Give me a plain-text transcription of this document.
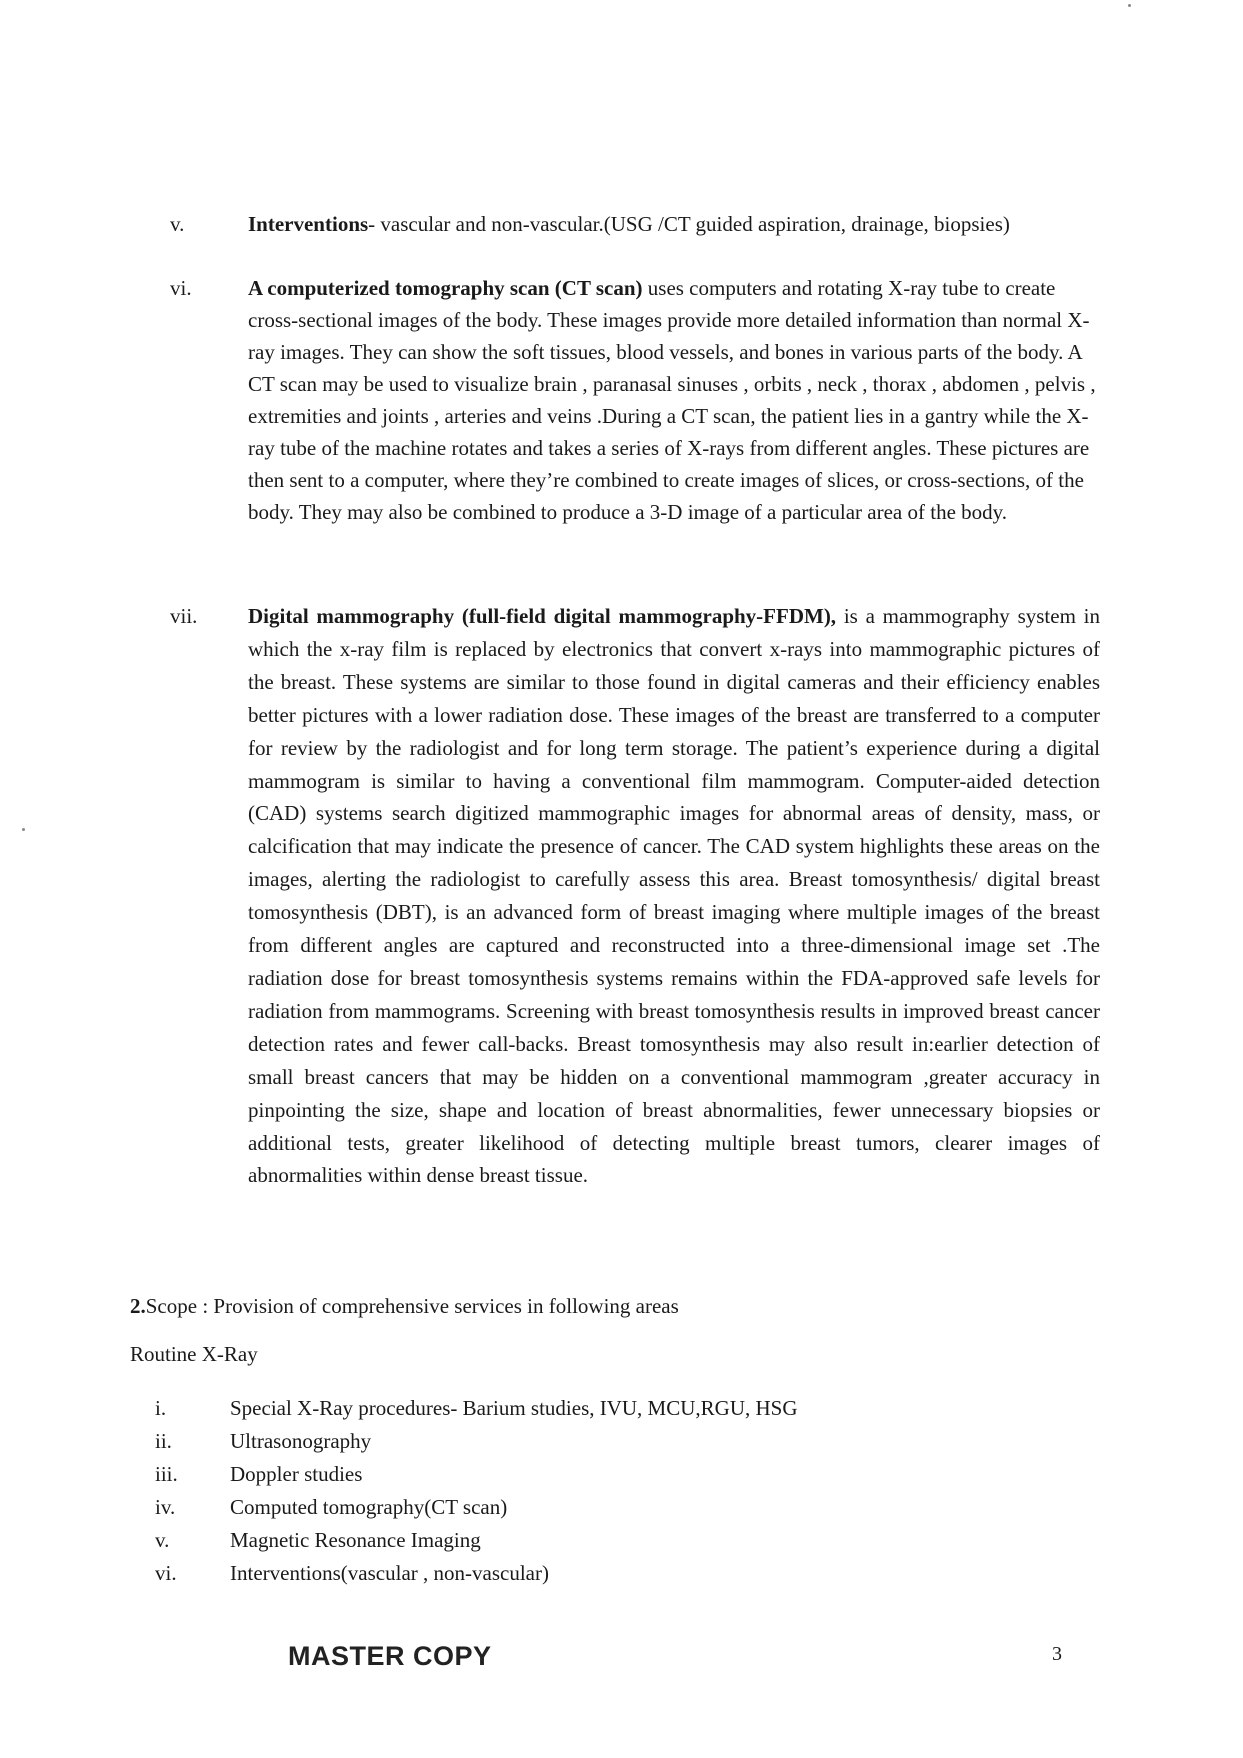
v.	Interventions- vascular and non-vascular.(USG /CT guided aspiration, drainage, biopsies)
vi.	A computerized tomography scan (CT scan) uses computers and rotating X-ray tube to create cross-sectional images of the body. These images provide more detailed information than normal X-ray images. They can show the soft tissues, blood vessels, and bones in various parts of the body. A CT scan may be used to visualize brain , paranasal sinuses , orbits , neck , thorax , abdomen , pelvis , extremities and joints , arteries and veins .During a CT scan, the patient lies in a gantry while the X-ray tube of the machine rotates and takes a series of X-rays from different angles. These pictures are then sent to a computer, where they’re combined to create images of slices, or cross-sections, of the body. They may also be combined to produce a 3-D image of a particular area of the body.
vii.	Digital mammography (full-field digital mammography-FFDM), is a mammography system in which the x-ray film is replaced by electronics that convert x-rays into mammographic pictures of the breast. These systems are similar to those found in digital cameras and their efficiency enables better pictures with a lower radiation dose. These images of the breast are transferred to a computer for review by the radiologist and for long term storage. The patient’s experience during a digital mammogram is similar to having a conventional film mammogram. Computer-aided detection (CAD) systems search digitized mammographic images for abnormal areas of density, mass, or calcification that may indicate the presence of cancer. The CAD system highlights these areas on the images, alerting the radiologist to carefully assess this area. Breast tomosynthesis/ digital breast tomosynthesis (DBT), is an advanced form of breast imaging where multiple images of the breast from different angles are captured and reconstructed into a three-dimensional image set .The radiation dose for breast tomosynthesis systems remains within the FDA-approved safe levels for radiation from mammograms. Screening with breast tomosynthesis results in improved breast cancer detection rates and fewer call-backs. Breast tomosynthesis may also result in:earlier detection of small breast cancers that may be hidden on a conventional mammogram ,greater accuracy in pinpointing the size, shape and location of breast abnormalities, fewer unnecessary biopsies or additional tests, greater likelihood of detecting multiple breast tumors, clearer images of abnormalities within dense breast tissue.
2.Scope : Provision of comprehensive services in following areas
Routine X-Ray
i.	Special X-Ray procedures- Barium studies, IVU, MCU,RGU, HSG
ii.	Ultrasonography
iii. Doppler studies
iv.	Computed tomography(CT scan)
v.	Magnetic Resonance Imaging
vi.	Interventions(vascular , non-vascular)
MASTER COPY	3
